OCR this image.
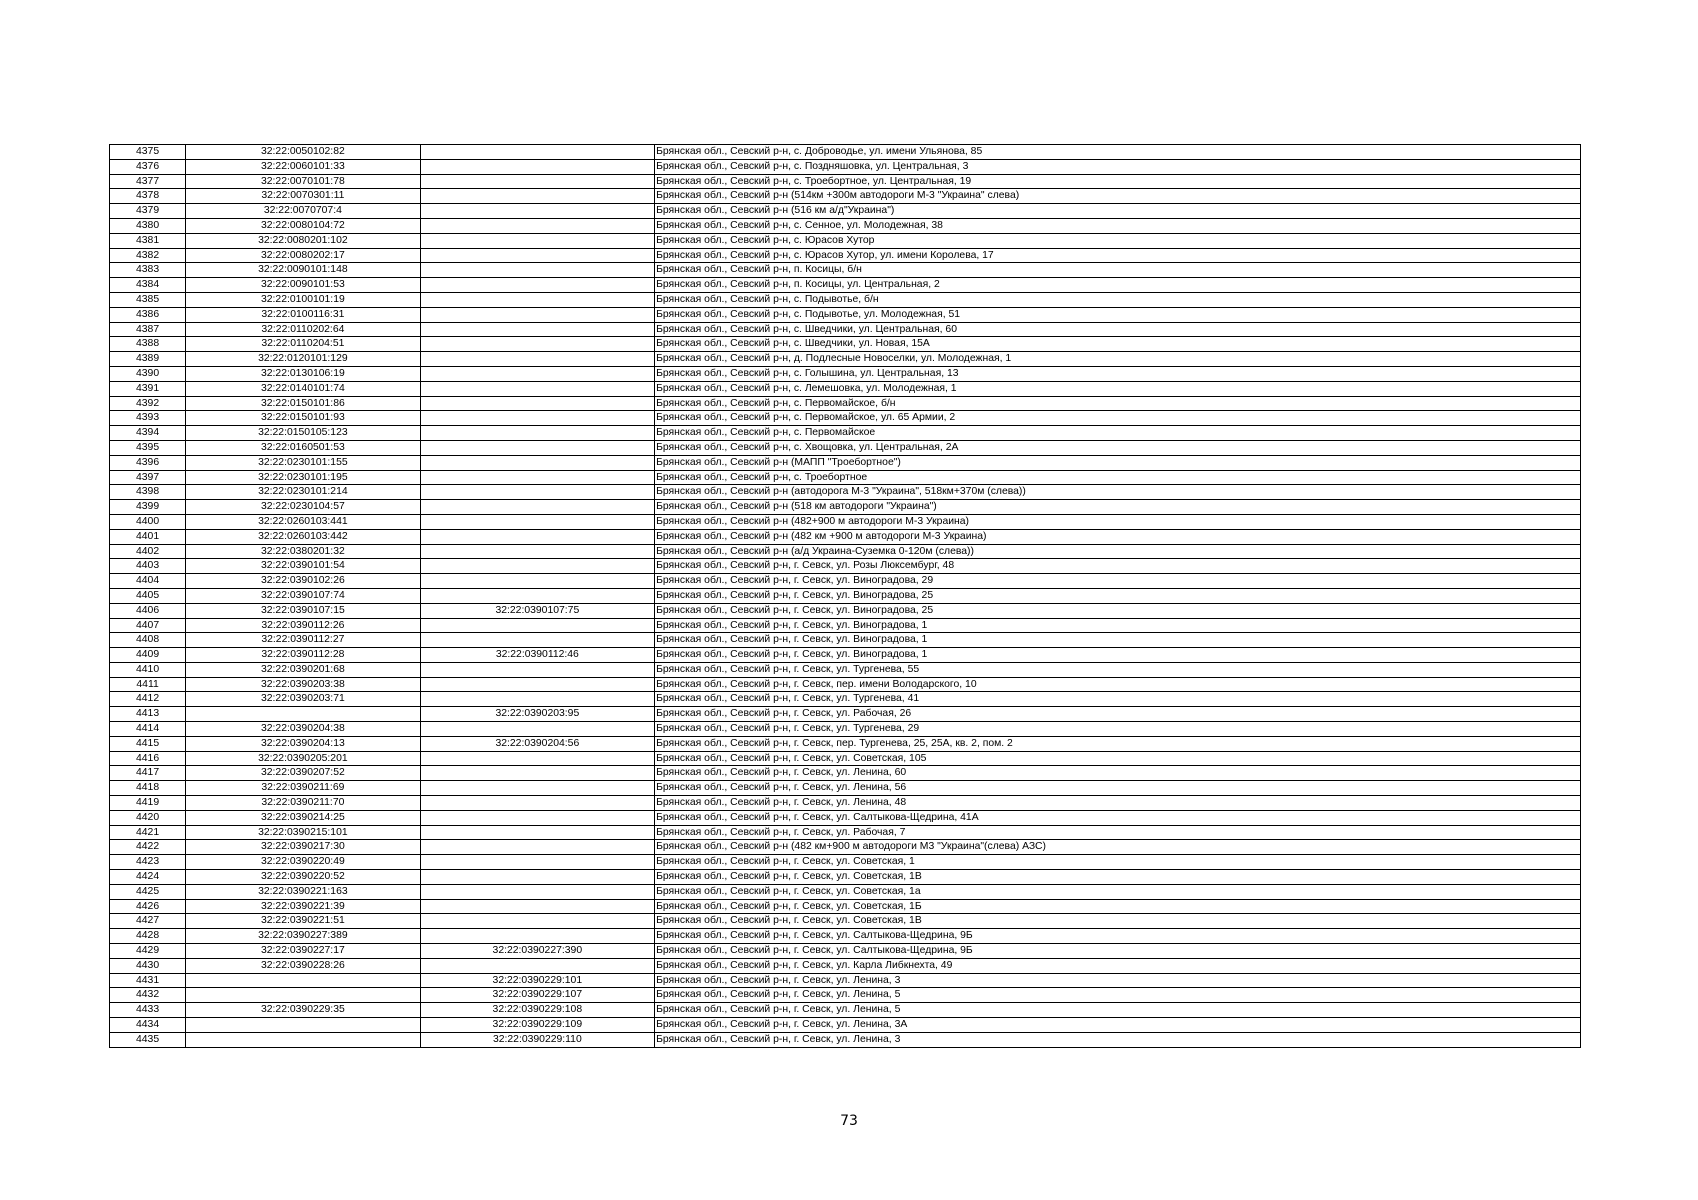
4375	32:22:0050102:82		Брянская обл., Севский р-н, с. Доброводье, ул. имени Ульянова, 85
4376	32:22:0060101:33		Брянская обл., Севский р-н, с. Поздняшовка, ул. Центральная, 3
4377	32:22:0070101:78		Брянская обл., Севский р-н, с. Троебортное, ул. Центральная, 19
4378	32:22:0070301:11		Брянская обл., Севский р-н (514км +300м автодороги М-3 "Украина" слева)
4379	32:22:0070707:4		Брянская обл., Севский р-н (516 км а/д"Украина")
4380	32:22:0080104:72		Брянская обл., Севский р-н, с. Сенное, ул. Молодежная, 38
4381	32:22:0080201:102		Брянская обл., Севский р-н, с. Юрасов Хутор
4382	32:22:0080202:17		Брянская обл., Севский р-н, с. Юрасов Хутор, ул. имени Королева, 17
4383	32:22:0090101:148		Брянская обл., Севский р-н, п. Косицы, б/н
4384	32:22:0090101:53		Брянская обл., Севский р-н, п. Косицы, ул. Центральная, 2
4385	32:22:0100101:19		Брянская обл., Севский р-н, с. Подывотье, б/н
4386	32:22:0100116:31		Брянская обл., Севский р-н, с. Подывотье, ул. Молодежная, 51
4387	32:22:0110202:64		Брянская обл., Севский р-н, с. Шведчики, ул. Центральная, 60
4388	32:22:0110204:51		Брянская обл., Севский р-н, с. Шведчики, ул. Новая, 15А
4389	32:22:0120101:129		Брянская обл., Севский р-н, д. Подлесные Новоселки, ул. Молодежная, 1
4390	32:22:0130106:19		Брянская обл., Севский р-н, с. Голышина, ул. Центральная, 13
4391	32:22:0140101:74		Брянская обл., Севский р-н, с. Лемешовка, ул. Молодежная, 1
4392	32:22:0150101:86		Брянская обл., Севский р-н, с. Первомайское, б/н
4393	32:22:0150101:93		Брянская обл., Севский р-н, с. Первомайское, ул. 65 Армии, 2
4394	32:22:0150105:123		Брянская обл., Севский р-н, с. Первомайское
4395	32:22:0160501:53		Брянская обл., Севский р-н, с. Хвощовка, ул. Центральная, 2А
4396	32:22:0230101:155		Брянская обл., Севский р-н (МАПП "Троебортное")
4397	32:22:0230101:195		Брянская обл., Севский р-н, с. Троебортное
4398	32:22:0230101:214		Брянская обл., Севский р-н (автодорога М-3 "Украина", 518км+370м (слева))
4399	32:22:0230104:57		Брянская обл., Севский р-н (518 км автодороги "Украина")
4400	32:22:0260103:441		Брянская обл., Севский р-н (482+900 м автодороги М-3 Украина)
4401	32:22:0260103:442		Брянская обл., Севский р-н (482 км +900 м автодороги М-3 Украина)
4402	32:22:0380201:32		Брянская обл., Севский р-н (а/д Украина-Суземка 0-120м (слева))
4403	32:22:0390101:54		Брянская обл., Севский р-н, г. Севск, ул. Розы Люксембург, 48
4404	32:22:0390102:26		Брянская обл., Севский р-н, г. Севск, ул. Виноградова, 29
4405	32:22:0390107:74		Брянская обл., Севский р-н, г. Севск, ул. Виноградова, 25
4406	32:22:0390107:15	32:22:0390107:75	Брянская обл., Севский р-н, г. Севск, ул. Виноградова, 25
4407	32:22:0390112:26		Брянская обл., Севский р-н, г. Севск, ул. Виноградова, 1
4408	32:22:0390112:27		Брянская обл., Севский р-н, г. Севск, ул. Виноградова, 1
4409	32:22:0390112:28	32:22:0390112:46	Брянская обл., Севский р-н, г. Севск, ул. Виноградова, 1
4410	32:22:0390201:68		Брянская обл., Севский р-н, г. Севск, ул. Тургенева, 55
4411	32:22:0390203:38		Брянская обл., Севский р-н, г. Севск, пер. имени Володарского, 10
4412	32:22:0390203:71		Брянская обл., Севский р-н, г. Севск, ул. Тургенева, 41
4413		32:22:0390203:95	Брянская обл., Севский р-н, г. Севск, ул. Рабочая, 26
4414	32:22:0390204:38		Брянская обл., Севский р-н, г. Севск, ул. Тургенева, 29
4415	32:22:0390204:13	32:22:0390204:56	Брянская обл., Севский р-н, г. Севск, пер. Тургенева, 25, 25А, кв. 2, пом. 2
4416	32:22:0390205:201		Брянская обл., Севский р-н, г. Севск, ул. Советская, 105
4417	32:22:0390207:52		Брянская обл., Севский р-н, г. Севск, ул. Ленина, 60
4418	32:22:0390211:69		Брянская обл., Севский р-н, г. Севск, ул. Ленина, 56
4419	32:22:0390211:70		Брянская обл., Севский р-н, г. Севск, ул. Ленина, 48
4420	32:22:0390214:25		Брянская обл., Севский р-н, г. Севск, ул. Салтыкова-Щедрина, 41А
4421	32:22:0390215:101		Брянская обл., Севский р-н, г. Севск, ул. Рабочая, 7
4422	32:22:0390217:30		Брянская обл., Севский р-н (482 км+900 м автодороги М3 "Украина"(слева) АЗС)
4423	32:22:0390220:49		Брянская обл., Севский р-н, г. Севск, ул. Советская, 1
4424	32:22:0390220:52		Брянская обл., Севский р-н, г. Севск, ул. Советская, 1В
4425	32:22:0390221:163		Брянская обл., Севский р-н, г. Севск, ул. Советская, 1а
4426	32:22:0390221:39		Брянская обл., Севский р-н, г. Севск, ул. Советская, 1Б
4427	32:22:0390221:51		Брянская обл., Севский р-н, г. Севск, ул. Советская, 1В
4428	32:22:0390227:389		Брянская обл., Севский р-н, г. Севск, ул. Салтыкова-Щедрина, 9Б
4429	32:22:0390227:17	32:22:0390227:390	Брянская обл., Севский р-н, г. Севск, ул. Салтыкова-Щедрина, 9Б
4430	32:22:0390228:26		Брянская обл., Севский р-н, г. Севск, ул. Карла Либкнехта, 49
4431		32:22:0390229:101	Брянская обл., Севский р-н, г. Севск, ул. Ленина, 3
4432		32:22:0390229:107	Брянская обл., Севский р-н, г. Севск, ул. Ленина, 5
4433	32:22:0390229:35	32:22:0390229:108	Брянская обл., Севский р-н, г. Севск, ул. Ленина, 5
4434		32:22:0390229:109	Брянская обл., Севский р-н, г. Севск, ул. Ленина, 3А
4435		32:22:0390229:110	Брянская обл., Севский р-н, г. Севск, ул. Ленина, 3
73
